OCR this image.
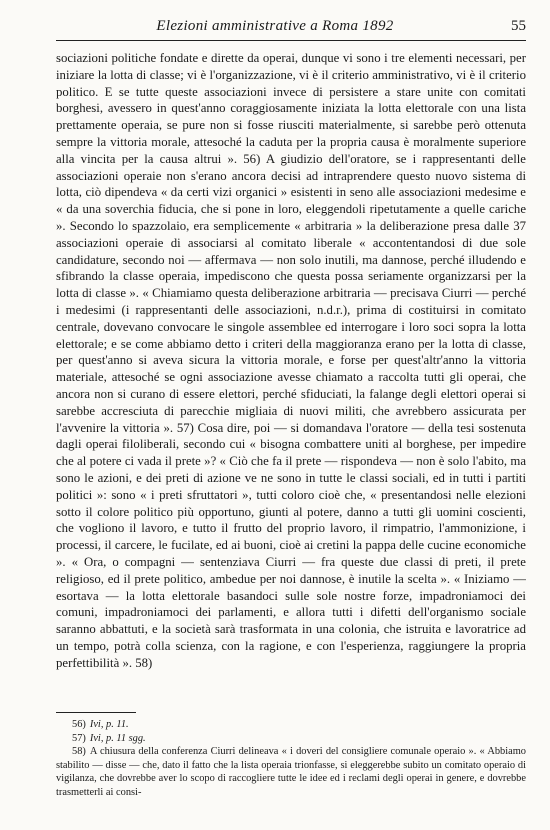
Elezioni amministrative a Roma 1892	55

sociazioni politiche fondate e dirette da operai, dunque vi sono i tre elementi necessari, per iniziare la lotta di classe; vi è l'organizzazione, vi è il criterio amministrativo, vi è il criterio politico. E se tutte queste associazioni invece di persistere a stare unite con comitati borghesi, avessero in quest'anno coraggiosamente iniziata la lotta elettorale con una lista prettamente operaia, se pure non si fosse riusciti materialmente, si sarebbe però ottenuta sempre la vittoria morale, attesoché la caduta per la propria causa è moralmente superiore alla vincita per la causa altrui ». 56) A giudizio dell'oratore, se i rappresentanti delle associazioni operaie non s'erano ancora decisi ad intraprendere questo nuovo sistema di lotta, ciò dipendeva « da certi vizi organici » esistenti in seno alle associazioni medesime e « da una soverchia fiducia, che si pone in loro, eleggendoli ripetutamente a quelle cariche ». Secondo lo spazzolaio, era semplicemente « arbitraria » la deliberazione presa dalle 37 associazioni operaie di associarsi al comitato liberale « accontentandosi di due sole candidature, secondo noi — affermava — non solo inutili, ma dannose, perché illudendo e sfibrando la classe operaia, impediscono che questa possa seriamente organizzarsi per la lotta di classe ». « Chiamiamo questa deliberazione arbitraria — precisava Ciurri — perché i medesimi (i rappresentanti delle associazioni, n.d.r.), prima di costituirsi in comitato centrale, dovevano convocare le singole assemblee ed interrogare i loro soci sopra la lotta elettorale; e se come abbiamo detto i criteri della maggioranza erano per la lotta di classe, per quest'anno si aveva sicura la vittoria morale, e forse per quest'altr'anno la vittoria materiale, attesoché se ogni associazione avesse chiamato a raccolta tutti gli operai, che ancora non si curano di essere elettori, perché sfiduciati, la falange degli elettori operai si sarebbe accresciuta di parecchie migliaia di nuovi militi, che avrebbero assicurata per l'avvenire la vittoria ». 57) Cosa dire, poi — si domandava l'oratore — della tesi sostenuta dagli operai filoliberali, secondo cui « bisogna combattere uniti al borghese, per impedire che al potere ci vada il prete »? « Ciò che fa il prete — rispondeva — non è solo l'abito, ma sono le azioni, e dei preti di azione ve ne sono in tutte le classi sociali, ed in tutti i partiti politici »: sono « i preti sfruttatori », tutti coloro cioè che, « presentandosi nelle elezioni sotto il colore politico più opportuno, giunti al potere, danno a tutti gli uomini coscienti, che vogliono il lavoro, e tutto il frutto del proprio lavoro, il rimpatrio, l'ammonizione, i processi, il carcere, le fucilate, ed ai buoni, cioè ai cretini la pappa delle cucine economiche ». « Ora, o compagni — sentenziava Ciurri — fra queste due classi di preti, il prete religioso, ed il prete politico, ambedue per noi dannose, è inutile la scelta ». « Iniziamo — esortava — la lotta elettorale basandoci sulle sole nostre forze, impadroniamoci dei comuni, impadroniamoci dei parlamenti, e allora tutti i difetti dell'organismo sociale saranno abbattuti, e la società sarà trasformata in una colonia, che istruita e lavoratrice ad un tempo, potrà colla scienza, con la ragione, e con l'esperienza, raggiungere la propria perfettibilità ». 58)

56) Ivi, p. 11.

57) Ivi, p. 11 sgg.

58) A chiusura della conferenza Ciurri delineava « i doveri del consigliere comunale operaio ». « Abbiamo stabilito — disse — che, dato il fatto che la lista operaia trionfasse, si eleggerebbe subito un comitato operaio di vigilanza, che dovrebbe aver lo scopo di raccogliere tutte le idee ed i reclami degli operai in genere, e dovrebbe trasmetterli ai consi-
